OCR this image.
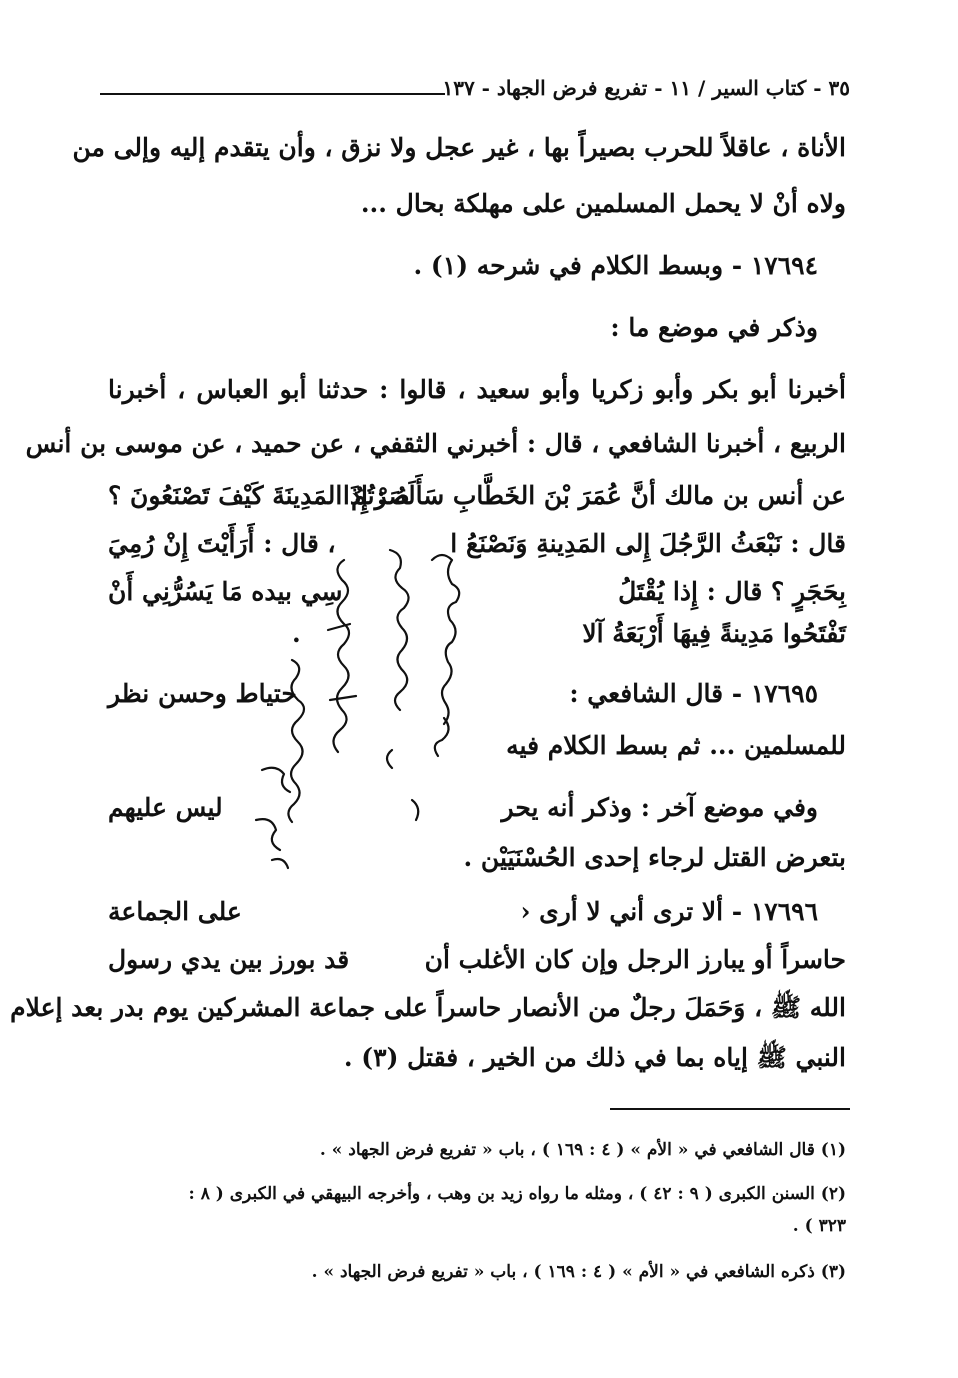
٣٥ - كتاب السير / ١١ - تفريع فرض الجهاد - ١٣٧
الأناة ، عاقلاً للحرب بصيراً بها ، غير عجل ولا نزق ، وأن يتقدم إليه وإلى من
ولاه أنْ لا يحمل المسلمين على مهلكة بحال ...
١٧٦٩٤ - وبسط الكلام في شرحه (١) .
وذكر في موضع ما :
أخبرنا أبو بكر وأبو زكريا وأبو سعيد ، قالوا : حدثنا أبو العباس ، أخبرنا
الربيع ، أخبرنا الشافعي ، قال : أخبرني الثقفي ، عن حميد ، عن موسى بن أنس
عن أنس بن مالك أنَّ عُمَرَ بْنَ الخَطَّابِ سَأَلَهُ : إِذَا
صَرْتُمُ المَدِينَةَ كَيْفَ تَصْنَعُونَ ؟
قال : نَبْعَثُ الرَّجُلَ إِلى المَدِينةِ وَنَصْنَعُ ا
، قال : أَرَأَيْتَ إِنْ رُمِيَ
بِحَجَرٍ ؟ قال : إِذا يُقْتَلُ
سِي بيده مَا يَسُرُّنِي أَنْ
تَفْتَحُوا مَدِينةً فِيهَا أَرْبَعَةُ آلا
.
١٧٦٩٥ - قال الشافعي :
حتياط وحسن نظر
للمسلمين ... ثم بسط الكلام فيه
وفي موضع آخر : وذكر أنه يحر
ليس عليهم
بتعرض القتل لرجاء إحدى الحُسْنَيَيْن .
١٧٦٩٦ - ألا ترى أني لا أرى ‹
على الجماعة
حاسراً أو يبارز الرجل وإن كان الأغلب أن
قد بورز بين يدي رسول
الله ﷺ ، وَحَمَلَ رجلٌ من الأنصار حاسراً على جماعة المشركين يوم بدر بعد إعلام
النبي ﷺ إياه بما في ذلك من الخير ، فقتل (٣) .
(١) قال الشافعي في « الأم » ( ٤ : ١٦٩ ) ، باب « تفريع فرض الجهاد » .
(٢) السنن الكبرى ( ٩ : ٤٢ ) ، ومثله ما رواه زيد بن وهب ، وأخرجه البيهقي في الكبرى ( ٨ :
٣٢٣ ) .
(٣) ذكره الشافعي في « الأم » ( ٤ : ١٦٩ ) ، باب « تفريع فرض الجهاد » .
